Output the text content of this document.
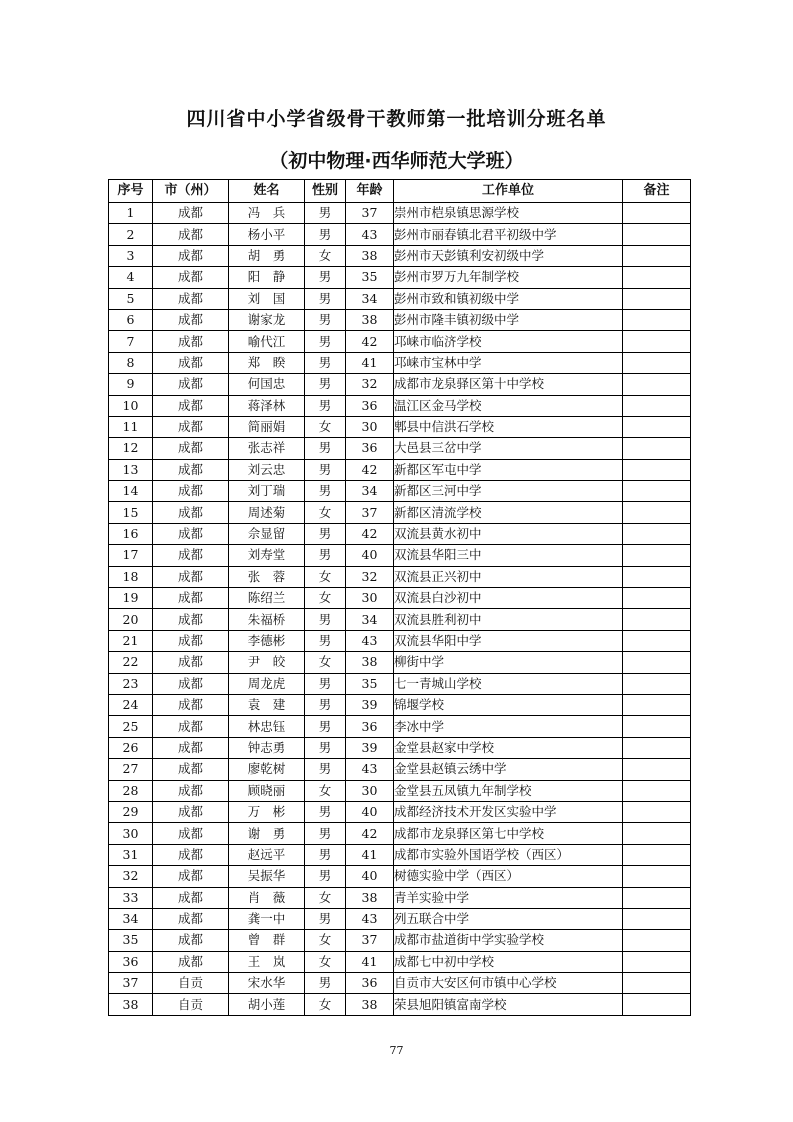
四川省中小学省级骨干教师第一批培训分班名单
（初中物理·西华师范大学班）
序号	市（州）	姓名	性别	年龄	工作单位	备注
1	成都	冯　兵	男	37	崇州市桤泉镇思源学校	
2	成都	杨小平	男	43	彭州市丽春镇北君平初级中学	
3	成都	胡　勇	女	38	彭州市天彭镇利安初级中学	
4	成都	阳　静	男	35	彭州市罗万九年制学校	
5	成都	刘　国	男	34	彭州市致和镇初级中学	
6	成都	谢家龙	男	38	彭州市隆丰镇初级中学	
7	成都	喻代江	男	42	邛崃市临济学校	
8	成都	郑　睽	男	41	邛崃市宝林中学	
9	成都	何国忠	男	32	成都市龙泉驿区第十中学校	
10	成都	蒋泽林	男	36	温江区金马学校	
11	成都	简丽娟	女	30	郫县中信洪石学校	
12	成都	张志祥	男	36	大邑县三岔中学	
13	成都	刘云忠	男	42	新都区军屯中学	
14	成都	刘丁瑞	男	34	新都区三河中学	
15	成都	周述菊	女	37	新都区清流学校	
16	成都	佘显留	男	42	双流县黄水初中	
17	成都	刘寿堂	男	40	双流县华阳三中	
18	成都	张　蓉	女	32	双流县正兴初中	
19	成都	陈绍兰	女	30	双流县白沙初中	
20	成都	朱福桥	男	34	双流县胜利初中	
21	成都	李德彬	男	43	双流县华阳中学	
22	成都	尹　皎	女	38	柳街中学	
23	成都	周龙虎	男	35	七一青城山学校	
24	成都	袁　建	男	39	锦堰学校	
25	成都	林忠钰	男	36	李冰中学	
26	成都	钟志勇	男	39	金堂县赵家中学校	
27	成都	廖乾树	男	43	金堂县赵镇云绣中学	
28	成都	顾晓丽	女	30	金堂县五凤镇九年制学校	
29	成都	万　彬	男	40	成都经济技术开发区实验中学	
30	成都	谢　勇	男	42	成都市龙泉驿区第七中学校	
31	成都	赵远平	男	41	成都市实验外国语学校（西区）	
32	成都	吴振华	男	40	树德实验中学（西区）	
33	成都	肖　薇	女	38	青羊实验中学	
34	成都	龚一中	男	43	列五联合中学	
35	成都	曾　群	女	37	成都市盐道街中学实验学校	
36	成都	王　岚	女	41	成都七中初中学校	
37	自贡	宋水华	男	36	自贡市大安区何市镇中心学校	
38	自贡	胡小莲	女	38	荣县旭阳镇富南学校	
77
